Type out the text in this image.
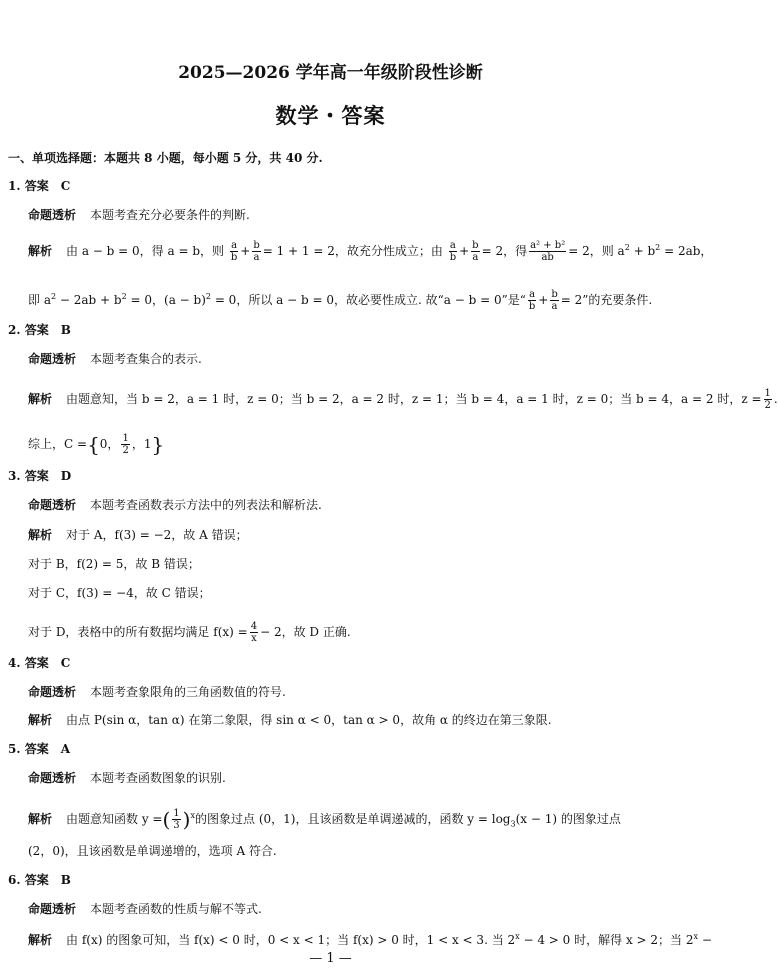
2025—2026 学年高一年级阶段性诊断
数学・答案
一、单项选择题：本题共 8 小题，每小题 5 分，共 40 分.
1. 答案　C
命题透析 本题考查充分必要条件的判断.
解析 由 a − b = 0，得 a = b，则 $\frac{a}{b} + \frac{b}{a} = 1 + 1 = 2$，故充分性成立；由 $\frac{a}{b} + \frac{b}{a} = 2$，得 $\frac{\text{a² + b²}}{ab} = 2$，则 $a^2 + b^2 = 2ab$，
即 $a^2 - 2ab + b^2 = 0$，$(a - b)^2 = 0$，所以 a − b = 0，故必要性成立. 故“a − b = 0”是“ $\frac{a}{b} + \frac{b}{a} = 2$”的充要条件.
2. 答案　B
命题透析 本题考查集合的表示.
解析 由题意知，当 b = 2，a = 1 时，z = 0；当 b = 2，a = 2 时，z = 1；当 b = 4，a = 1 时，z = 0；当 b = 4，a = 2 时，$z = \frac{1}{2}$ .
综上，C ={0， $\frac{1}{2}$ ，1}
3. 答案　D
命题透析 本题考查函数表示方法中的列表法和解析法.
解析 对于 A，f(3) = −2，故 A 错误；
对于 B，f(2) = 5，故 B 错误；
对于 C，f(3) = −4，故 C 错误；
对于 D，表格中的所有数据均满足 $f(x) = \frac{4}{x} - 2$，故 D 正确.
4. 答案　C
命题透析 本题考查象限角的三角函数值的符号.
解析 由点 P(sin α，tan α) 在第二象限，得 sin α < 0，tan α > 0，故角 α 的终边在第三象限.
5. 答案　A
命题透析 本题考查函数图象的识别.
解析 由题意知函数 y =( $\frac{1}{3} )^x$的图象过点 (0，1)，且该函数是单调递减的，函数 $y = \log_3(x - 1)$ 的图象过点
(2，0)，且该函数是单调递增的，选项 A 符合.
6. 答案　B
命题透析 本题考查函数的性质与解不等式.
解析 由 f(x) 的图象可知，当 f(x) < 0 时，0 < x < 1；当 f(x) > 0 时，1 < x < 3. 当 $2^x - 4 > 0$ 时，解得 x > 2；当 $2^x$ −
— 1 —
